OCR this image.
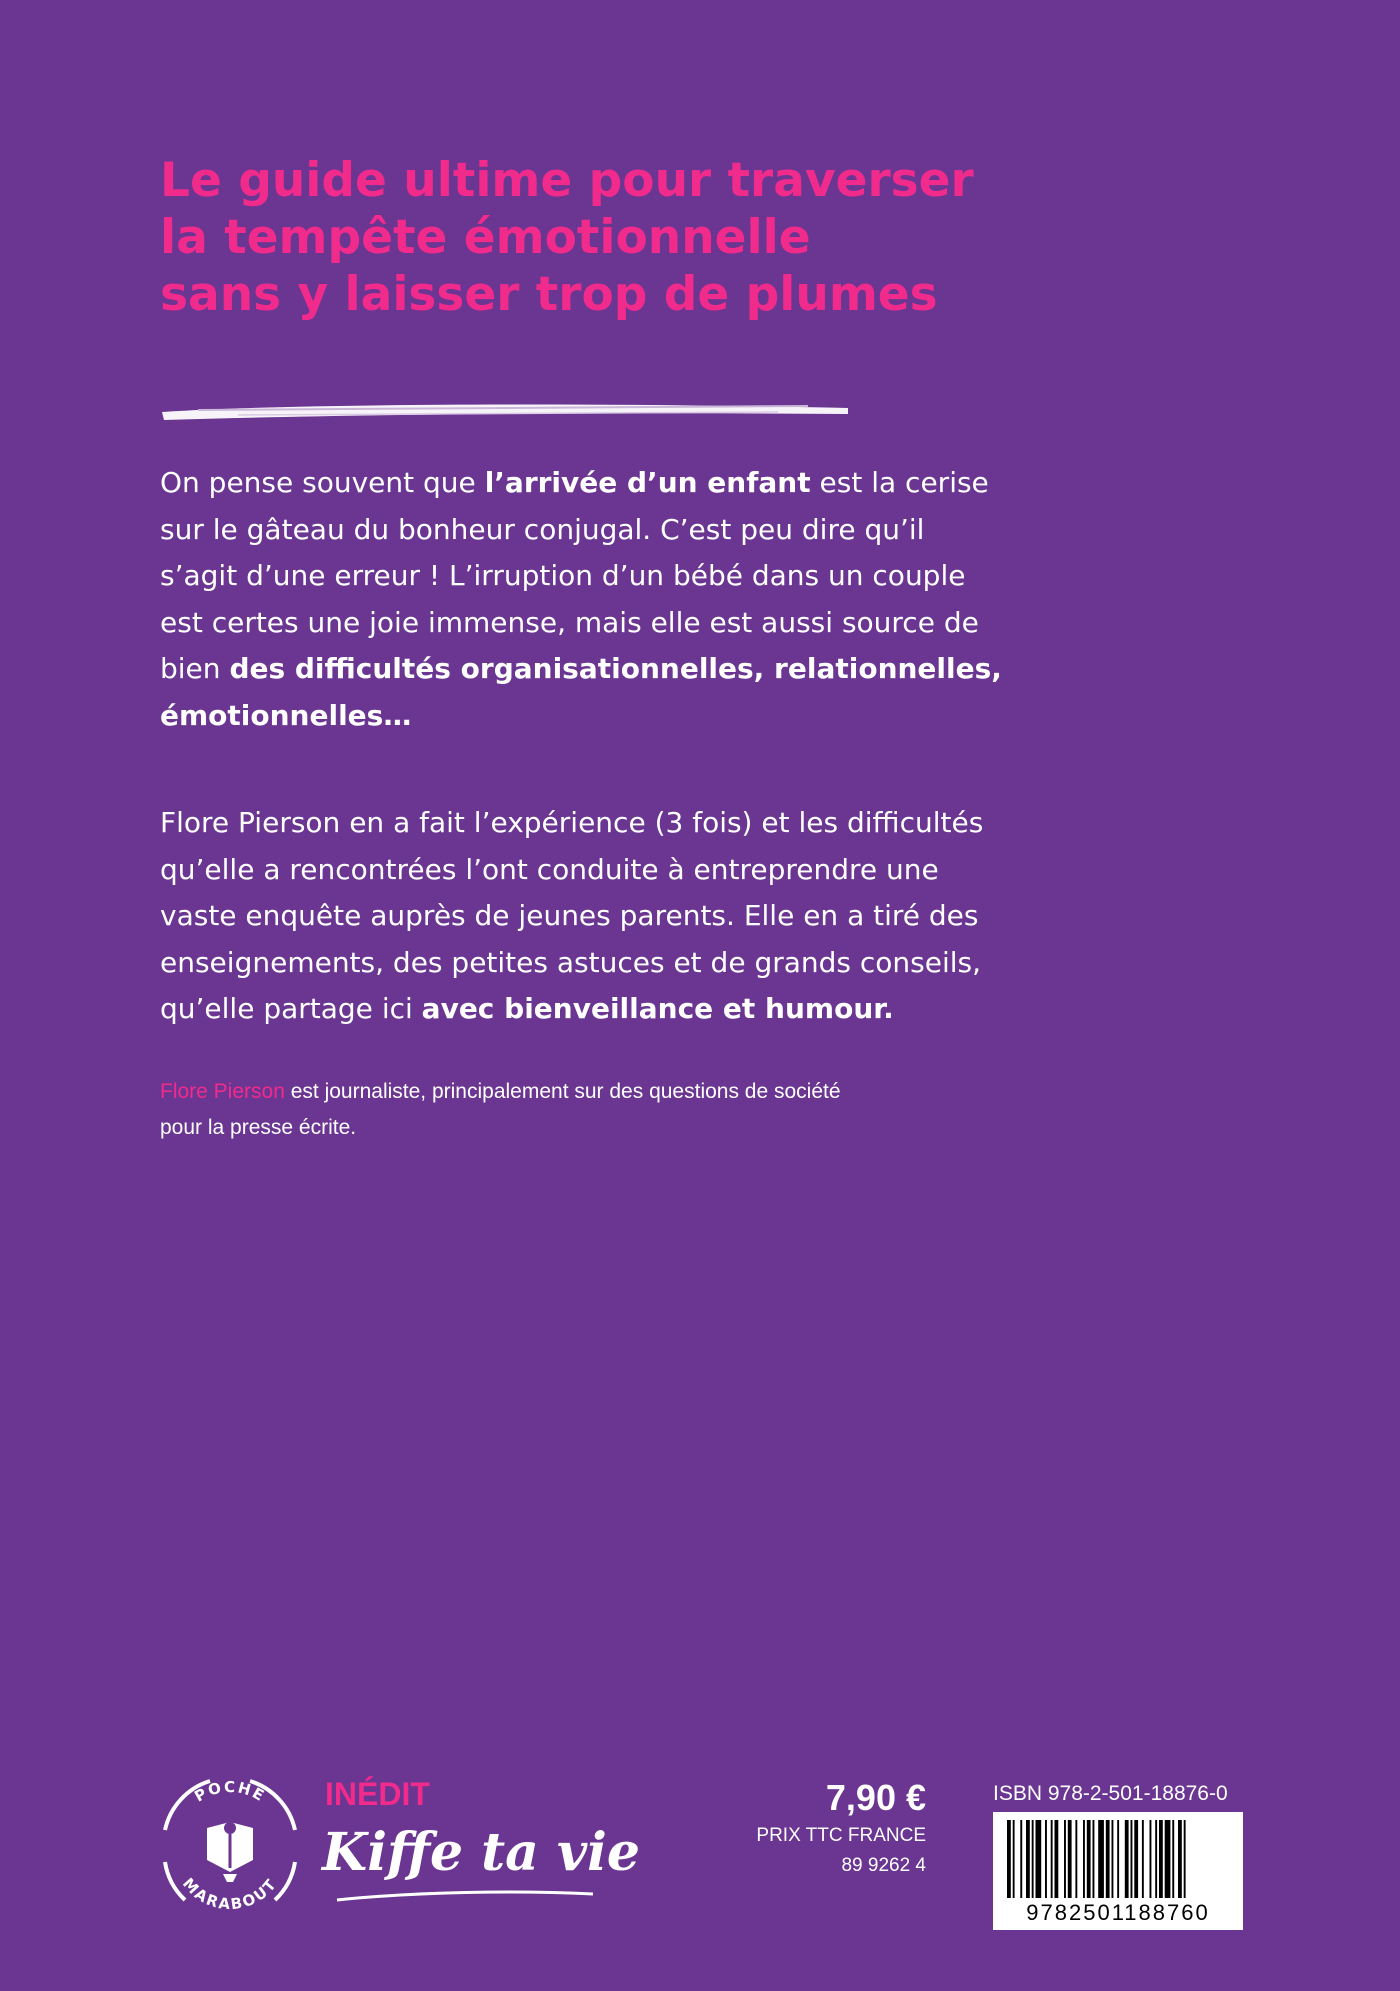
Le guide ultime pour traverser
la tempête émotionnelle
sans y laisser trop de plumes
On pense souvent que l’arrivée d’un enfant est la cerise
sur le gâteau du bonheur conjugal. C’est peu dire qu’il
s’agit d’une erreur ! L’irruption d’un bébé dans un couple
est certes une joie immense, mais elle est aussi source de
bien des difficultés organisationnelles, relationnelles,
émotionnelles…
Flore Pierson en a fait l’expérience (3 fois) et les difficultés
qu’elle a rencontrées l’ont conduite à entreprendre une
vaste enquête auprès de jeunes parents. Elle en a tiré des
enseignements, des petites astuces et de grands conseils,
qu’elle partage ici avec bienveillance et humour.
Flore Pierson est journaliste, principalement sur des questions de société
pour la presse écrite.
POCHE
MARABOUT
INÉDIT
Kiffe ta vie
7,90 €
PRIX TTC FRANCE
89 9262 4
ISBN 978-2-501-18876-0
9782501188760
